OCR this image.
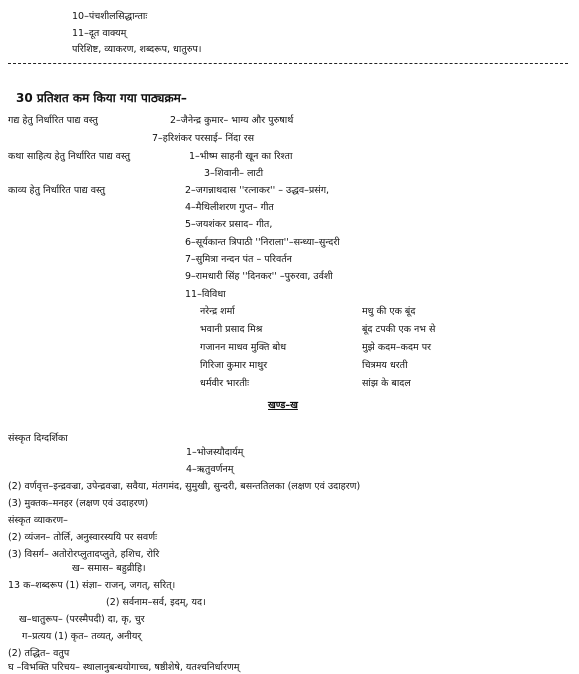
10–पंचशीलसिद्धान्ताः
11–दूत वाक्यम्
परिशिष्ट, व्याकरण, शब्दरूप, धातुरुप।
30 प्रतिशत कम किया गया पाठ्यक्रम–
गद्य हेतु निर्धारित पाद्य वस्तु	2–जैनेन्द्र कुमार– भाग्य और पुरुषार्थ
7–हरिशंकर परसाई– निंदा रस
कथा साहित्य हेतु निर्धारित पाद्य वस्तु	1–भीष्म साहनी खून का रिश्ता
3–शिवानी– लाटी
काव्य हेतु निर्धारित पाद्य वस्तु	2–जगन्नाथदास ''रत्नाकर'' – उद्धव–प्रसंग,
4–मैथिलीशरण गुप्त– गीत
5–जयशंकर प्रसाद– गीत,
6–सूर्यकान्त त्रिपाठी ''निराला''–सन्ध्या–सुन्दरी
7–सुमित्रा नन्दन पंत – परिवर्तन
9–रामधारी सिंह ''दिनकर'' –पुरुरवा, उर्वशी
11–विविधा
नरेन्द्र शर्मा	मधु की एक बूंद
भवानी प्रसाद मिश्र	बूंद टपकी एक नभ से
गजानन माधव मुक्ति बोध	मुझे कदम–कदम पर
गिरिजा कुमार माथुर	चित्रमय धरती
धर्मवीर भारतीः	सांझ के बादल
खण्ड–ख
संस्कृत दिग्दर्शिका
1–भोजस्यौदार्यम्
4–ऋतुवर्णनम्
(2) वर्णवृत्त–इन्द्रवज्रा, उपेन्द्रवज्रा, सवैया, मंतगमंद, सुमुखी, सुन्दरी, बसन्ततिलका (लक्षण एवं उदाहरण)
(3) मुक्तक–मनहर (लक्षण एवं उदाहरण)
संस्कृत व्याकरण–
(2) व्यंजन– तोर्लि, अनुस्वारस्ययि पर सवर्णः
(3) विसर्ग– अतोरोरप्लुतादप्लुते, हशिच, रोरि
ख– समास– बहुव्रीहि।
13 क–शब्दरूप (1) संज्ञा– राजन्, जगत्, सरित्।
(2) सर्वनाम–सर्व, इदम्, यद।
ख–धातुरूप– (परस्मैपदी) दा, कृ, चुर
ग–प्रत्यय (1) कृत– तव्यत्, अनीयर्
(2) तद्धित– वतुप
घ –विभक्ति परिचय– स्थालानुबन्धयोगाच्च, षष्ठीशेषे, यतश्चनिर्धारणम्
